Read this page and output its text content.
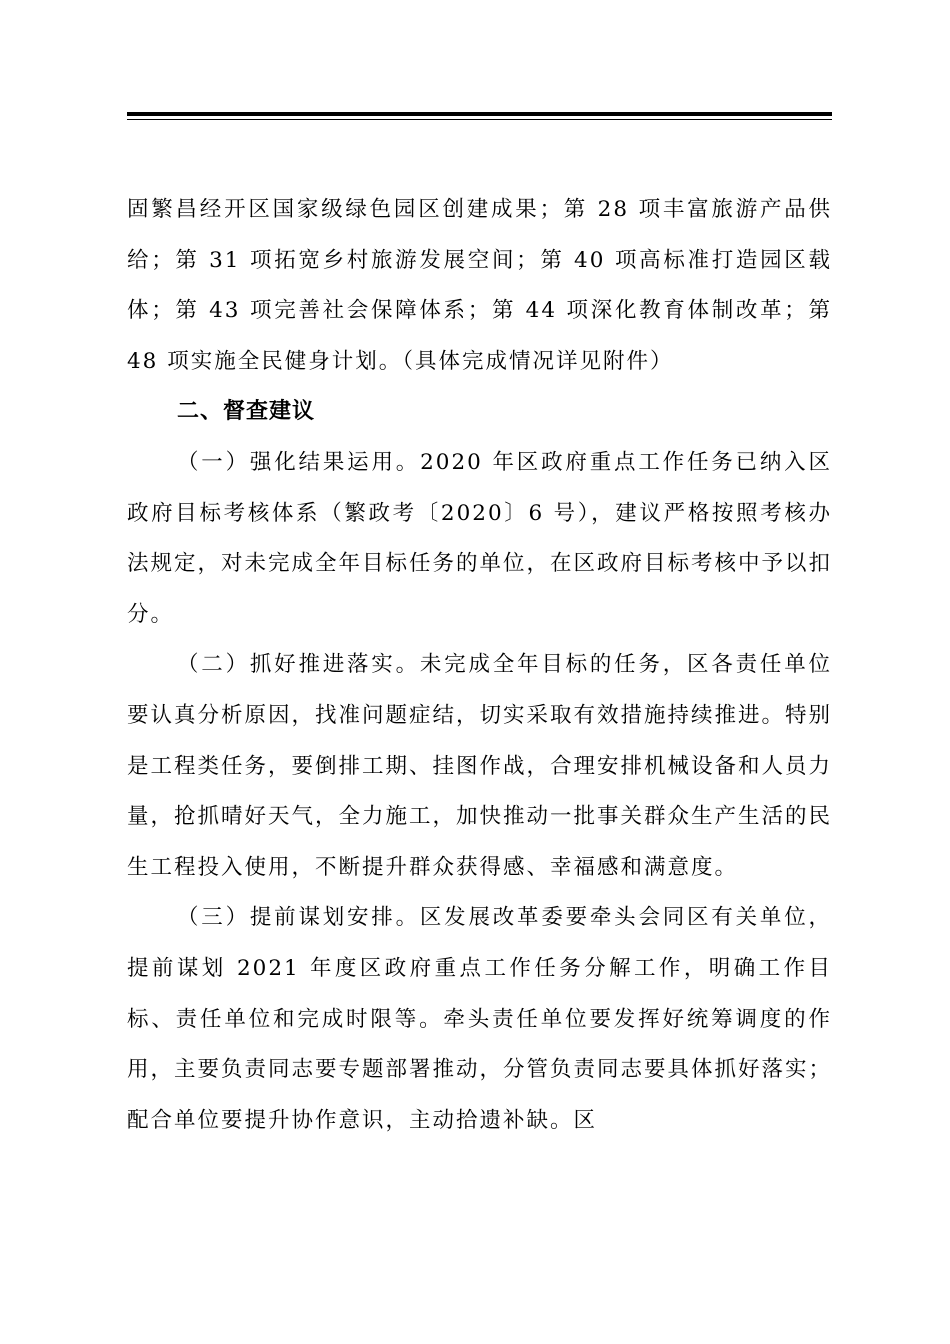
固繁昌经开区国家级绿色园区创建成果；第 28 项丰富旅游产品供给；第 31 项拓宽乡村旅游发展空间；第 40 项高标准打造园区载体；第 43 项完善社会保障体系；第 44 项深化教育体制改革；第 48 项实施全民健身计划。（具体完成情况详见附件）

二、督查建议

（一）强化结果运用。2020 年区政府重点工作任务已纳入区政府目标考核体系（繁政考〔2020〕6 号），建议严格按照考核办法规定，对未完成全年目标任务的单位，在区政府目标考核中予以扣分。

（二）抓好推进落实。未完成全年目标的任务，区各责任单位要认真分析原因，找准问题症结，切实采取有效措施持续推进。特别是工程类任务，要倒排工期、挂图作战，合理安排机械设备和人员力量，抢抓晴好天气，全力施工，加快推动一批事关群众生产生活的民生工程投入使用，不断提升群众获得感、幸福感和满意度。

（三）提前谋划安排。区发展改革委要牵头会同区有关单位，提前谋划 2021 年度区政府重点工作任务分解工作，明确工作目标、责任单位和完成时限等。牵头责任单位要发挥好统筹调度的作用，主要负责同志要专题部署推动，分管负责同志要具体抓好落实；配合单位要提升协作意识，主动拾遗补缺。区
